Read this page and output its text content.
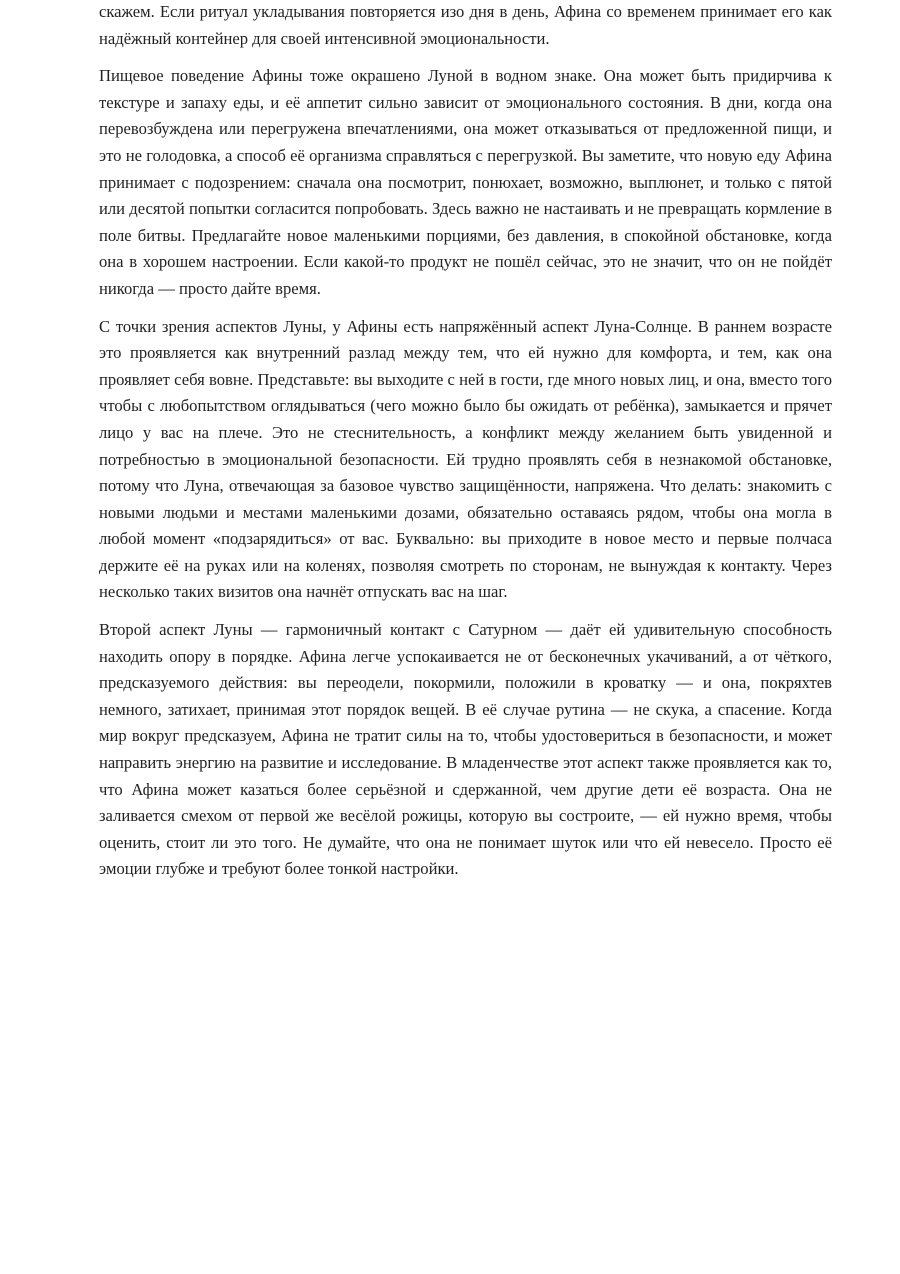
скажем. Если ритуал укладывания повторяется изо дня в день, Афина со временем принимает его как надёжный контейнер для своей интенсивной эмоциональности.

Пищевое поведение Афины тоже окрашено Луной в водном знаке. Она может быть придирчива к текстуре и запаху еды, и её аппетит сильно зависит от эмоционального состояния. В дни, когда она перевозбуждена или перегружена впечатлениями, она может отказываться от предложенной пищи, и это не голодовка, а способ её организма справляться с перегрузкой. Вы заметите, что новую еду Афина принимает с подозрением: сначала она посмотрит, понюхает, возможно, выплюнет, и только с пятой или десятой попытки согласится попробовать. Здесь важно не настаивать и не превращать кормление в поле битвы. Предлагайте новое маленькими порциями, без давления, в спокойной обстановке, когда она в хорошем настроении. Если какой-то продукт не пошёл сейчас, это не значит, что он не пойдёт никогда — просто дайте время.

С точки зрения аспектов Луны, у Афины есть напряжённый аспект Луна-Солнце. В раннем возрасте это проявляется как внутренний разлад между тем, что ей нужно для комфорта, и тем, как она проявляет себя вовне. Представьте: вы выходите с ней в гости, где много новых лиц, и она, вместо того чтобы с любопытством оглядываться (чего можно было бы ожидать от ребёнка), замыкается и прячет лицо у вас на плече. Это не стеснительность, а конфликт между желанием быть увиденной и потребностью в эмоциональной безопасности. Ей трудно проявлять себя в незнакомой обстановке, потому что Луна, отвечающая за базовое чувство защищённости, напряжена. Что делать: знакомить с новыми людьми и местами маленькими дозами, обязательно оставаясь рядом, чтобы она могла в любой момент «подзарядиться» от вас. Буквально: вы приходите в новое место и первые полчаса держите её на руках или на коленях, позволяя смотреть по сторонам, не вынуждая к контакту. Через несколько таких визитов она начнёт отпускать вас на шаг.

Второй аспект Луны — гармоничный контакт с Сатурном — даёт ей удивительную способность находить опору в порядке. Афина легче успокаивается не от бесконечных укачиваний, а от чёткого, предсказуемого действия: вы переодели, покормили, положили в кроватку — и она, покряхтев немного, затихает, принимая этот порядок вещей. В её случае рутина — не скука, а спасение. Когда мир вокруг предсказуем, Афина не тратит силы на то, чтобы удостовериться в безопасности, и может направить энергию на развитие и исследование. В младенчестве этот аспект также проявляется как то, что Афина может казаться более серьёзной и сдержанной, чем другие дети её возраста. Она не заливается смехом от первой же весёлой рожицы, которую вы состроите, — ей нужно время, чтобы оценить, стоит ли это того. Не думайте, что она не понимает шуток или что ей невесело. Просто её эмоции глубже и требуют более тонкой настройки.
